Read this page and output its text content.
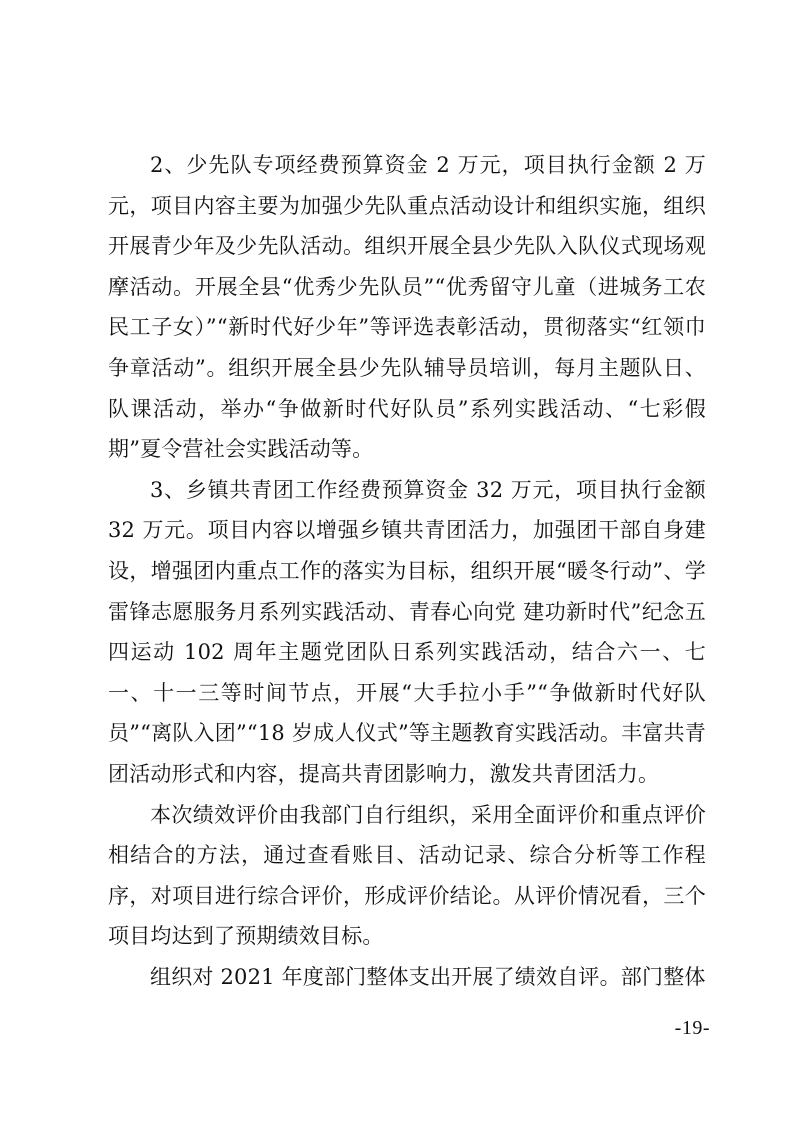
2、少先队专项经费预算资金 2 万元，项目执行金额 2 万元，项目内容主要为加强少先队重点活动设计和组织实施，组织开展青少年及少先队活动。组织开展全县少先队入队仪式现场观摩活动。开展全县“优秀少先队员”“优秀留守儿童（进城务工农民工子女）”“新时代好少年”等评选表彰活动，贯彻落实“红领巾争章活动”。组织开展全县少先队辅导员培训，每月主题队日、队课活动，举办“争做新时代好队员”系列实践活动、“七彩假期”夏令营社会实践活动等。

3、乡镇共青团工作经费预算资金 32 万元，项目执行金额 32 万元。项目内容以增强乡镇共青团活力，加强团干部自身建设，增强团内重点工作的落实为目标，组织开展“暖冬行动”、学雷锋志愿服务月系列实践活动、青春心向党 建功新时代”纪念五四运动 102 周年主题党团队日系列实践活动，结合六一、七一、十一三等时间节点，开展“大手拉小手”“争做新时代好队员”“离队入团”“18 岁成人仪式”等主题教育实践活动。丰富共青团活动形式和内容，提高共青团影响力，激发共青团活力。

本次绩效评价由我部门自行组织，采用全面评价和重点评价相结合的方法，通过查看账目、活动记录、综合分析等工作程序，对项目进行综合评价，形成评价结论。从评价情况看，三个项目均达到了预期绩效目标。

组织对 2021 年度部门整体支出开展了绩效自评。部门整体

-19-
